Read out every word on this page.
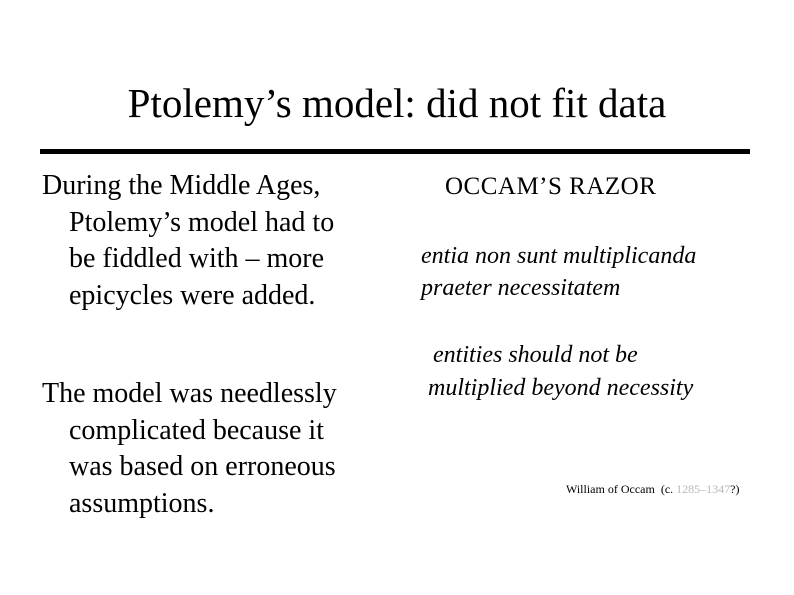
Ptolemy’s model: did not fit data
During the Middle Ages,
Ptolemy’s model had to
be fiddled with – more
epicycles were added.
The model was needlessly
complicated because it
was based on erroneous
assumptions.
OCCAM’S RAZOR
entia non sunt multiplicanda
praeter necessitatem
entities should not be
multiplied beyond necessity
William of Occam (c. 1285–1347?)
